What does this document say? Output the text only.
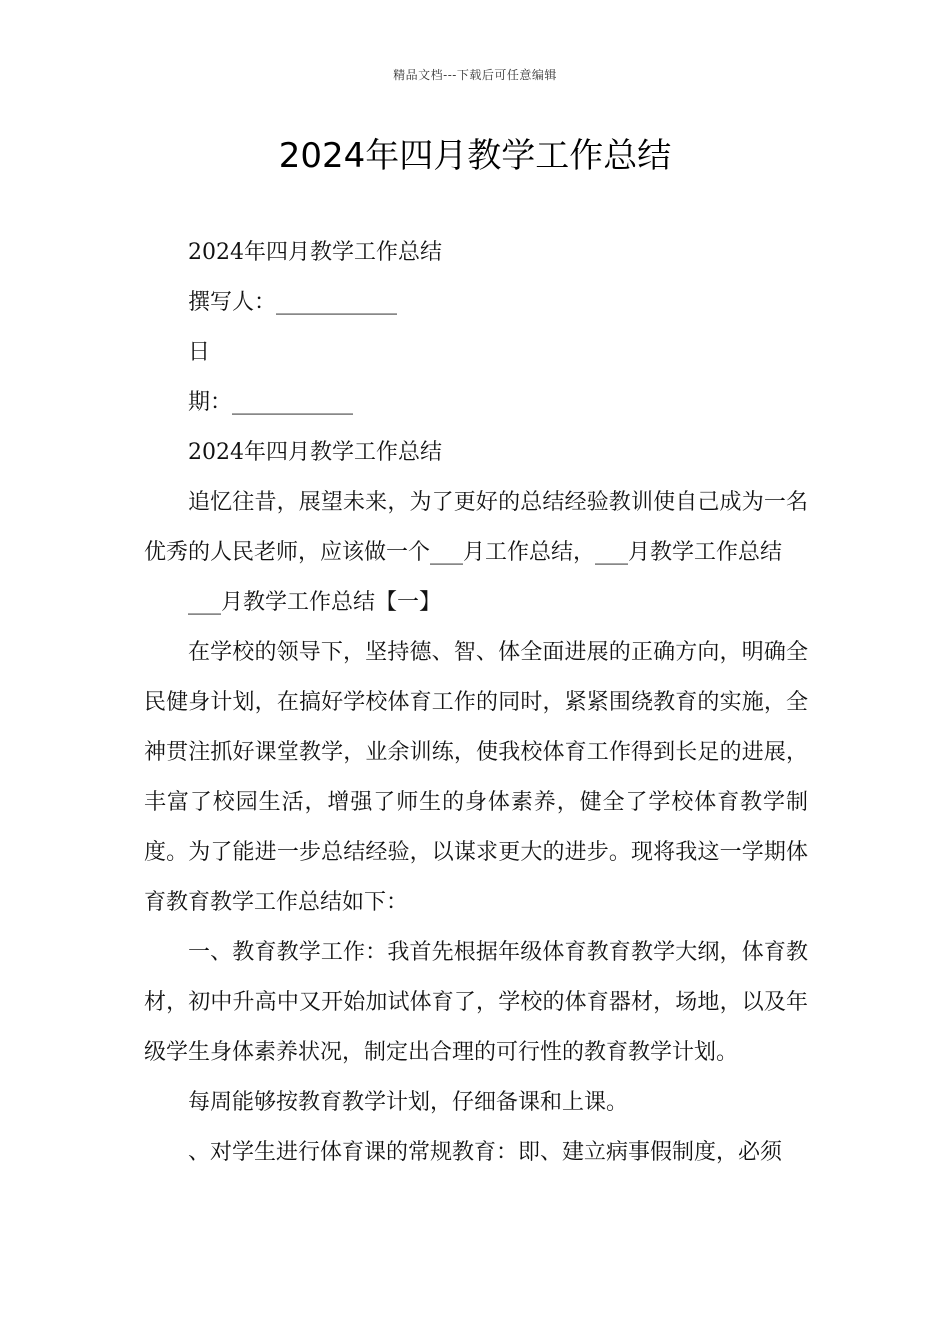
精品文档---下载后可任意编辑
2024年四月教学工作总结
2024年四月教学工作总结
撰写人：___________
日
期：___________
2024年四月教学工作总结

追忆往昔，展望未来，为了更好的总结经验教训使自己成为一名优秀的人民老师，应该做一个___月工作总结，___月教学工作总结

___月教学工作总结【一】

在学校的领导下，坚持德、智、体全面进展的正确方向，明确全民健身计划，在搞好学校体育工作的同时，紧紧围绕教育的实施，全神贯注抓好课堂教学，业余训练，使我校体育工作得到长足的进展，丰富了校园生活，增强了师生的身体素养，健全了学校体育教学制度。为了能进一步总结经验，以谋求更大的进步。现将我这一学期体育教育教学工作总结如下：

一、教育教学工作：我首先根据年级体育教育教学大纲，体育教材，初中升高中又开始加试体育了，学校的体育器材，场地，以及年级学生身体素养状况，制定出合理的可行性的教育教学计划。

每周能够按教育教学计划，仔细备课和上课。

、对学生进行体育课的常规教育：即、建立病事假制度，必须
